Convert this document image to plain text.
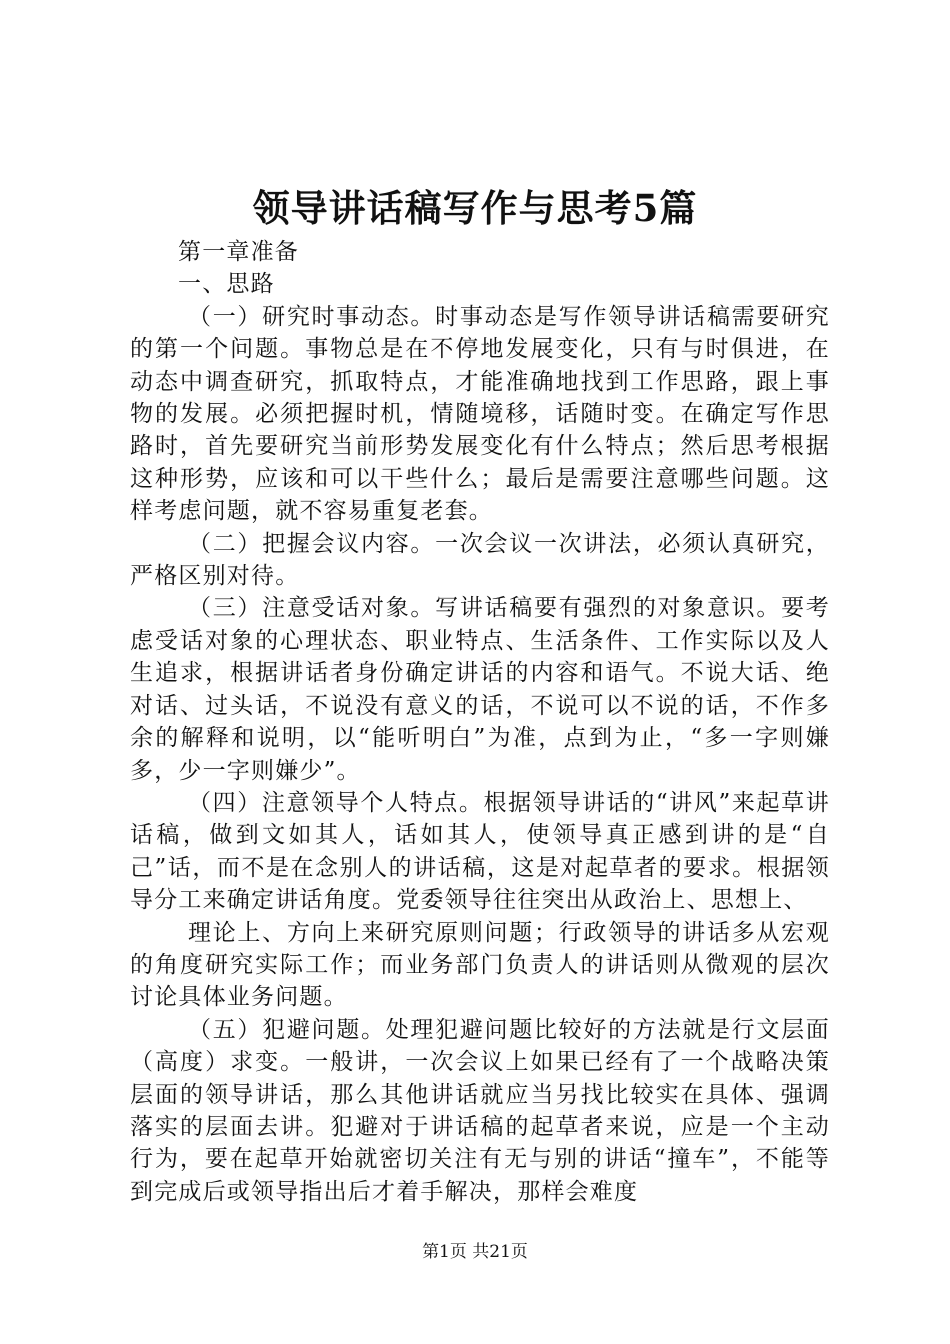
领导讲话稿写作与思考5篇

第一章准备

一、思路

（一）研究时事动态。时事动态是写作领导讲话稿需要研究的第一个问题。事物总是在不停地发展变化，只有与时俱进，在动态中调查研究，抓取特点，才能准确地找到工作思路，跟上事物的发展。必须把握时机，情随境移，话随时变。在确定写作思路时，首先要研究当前形势发展变化有什么特点；然后思考根据这种形势，应该和可以干些什么；最后是需要注意哪些问题。这样考虑问题，就不容易重复老套。

（二）把握会议内容。一次会议一次讲法，必须认真研究，严格区别对待。

（三）注意受话对象。写讲话稿要有强烈的对象意识。要考虑受话对象的心理状态、职业特点、生活条件、工作实际以及人生追求，根据讲话者身份确定讲话的内容和语气。不说大话、绝对话、过头话，不说没有意义的话，不说可以不说的话，不作多余的解释和说明，以“能听明白”为准，点到为止，“多一字则嫌多，少一字则嫌少”。

（四）注意领导个人特点。根据领导讲话的“讲风”来起草讲话稿，做到文如其人，话如其人，使领导真正感到讲的是“自己”话，而不是在念别人的讲话稿，这是对起草者的要求。根据领导分工来确定讲话角度。党委领导往往突出从政治上、思想上、

理论上、方向上来研究原则问题；行政领导的讲话多从宏观的角度研究实际工作；而业务部门负责人的讲话则从微观的层次讨论具体业务问题。

（五）犯避问题。处理犯避问题比较好的方法就是行文层面（高度）求变。一般讲，一次会议上如果已经有了一个战略决策层面的领导讲话，那么其他讲话就应当另找比较实在具体、强调落实的层面去讲。犯避对于讲话稿的起草者来说，应是一个主动行为，要在起草开始就密切关注有无与别的讲话“撞车”，不能等到完成后或领导指出后才着手解决，那样会难度

第1页 共21页
